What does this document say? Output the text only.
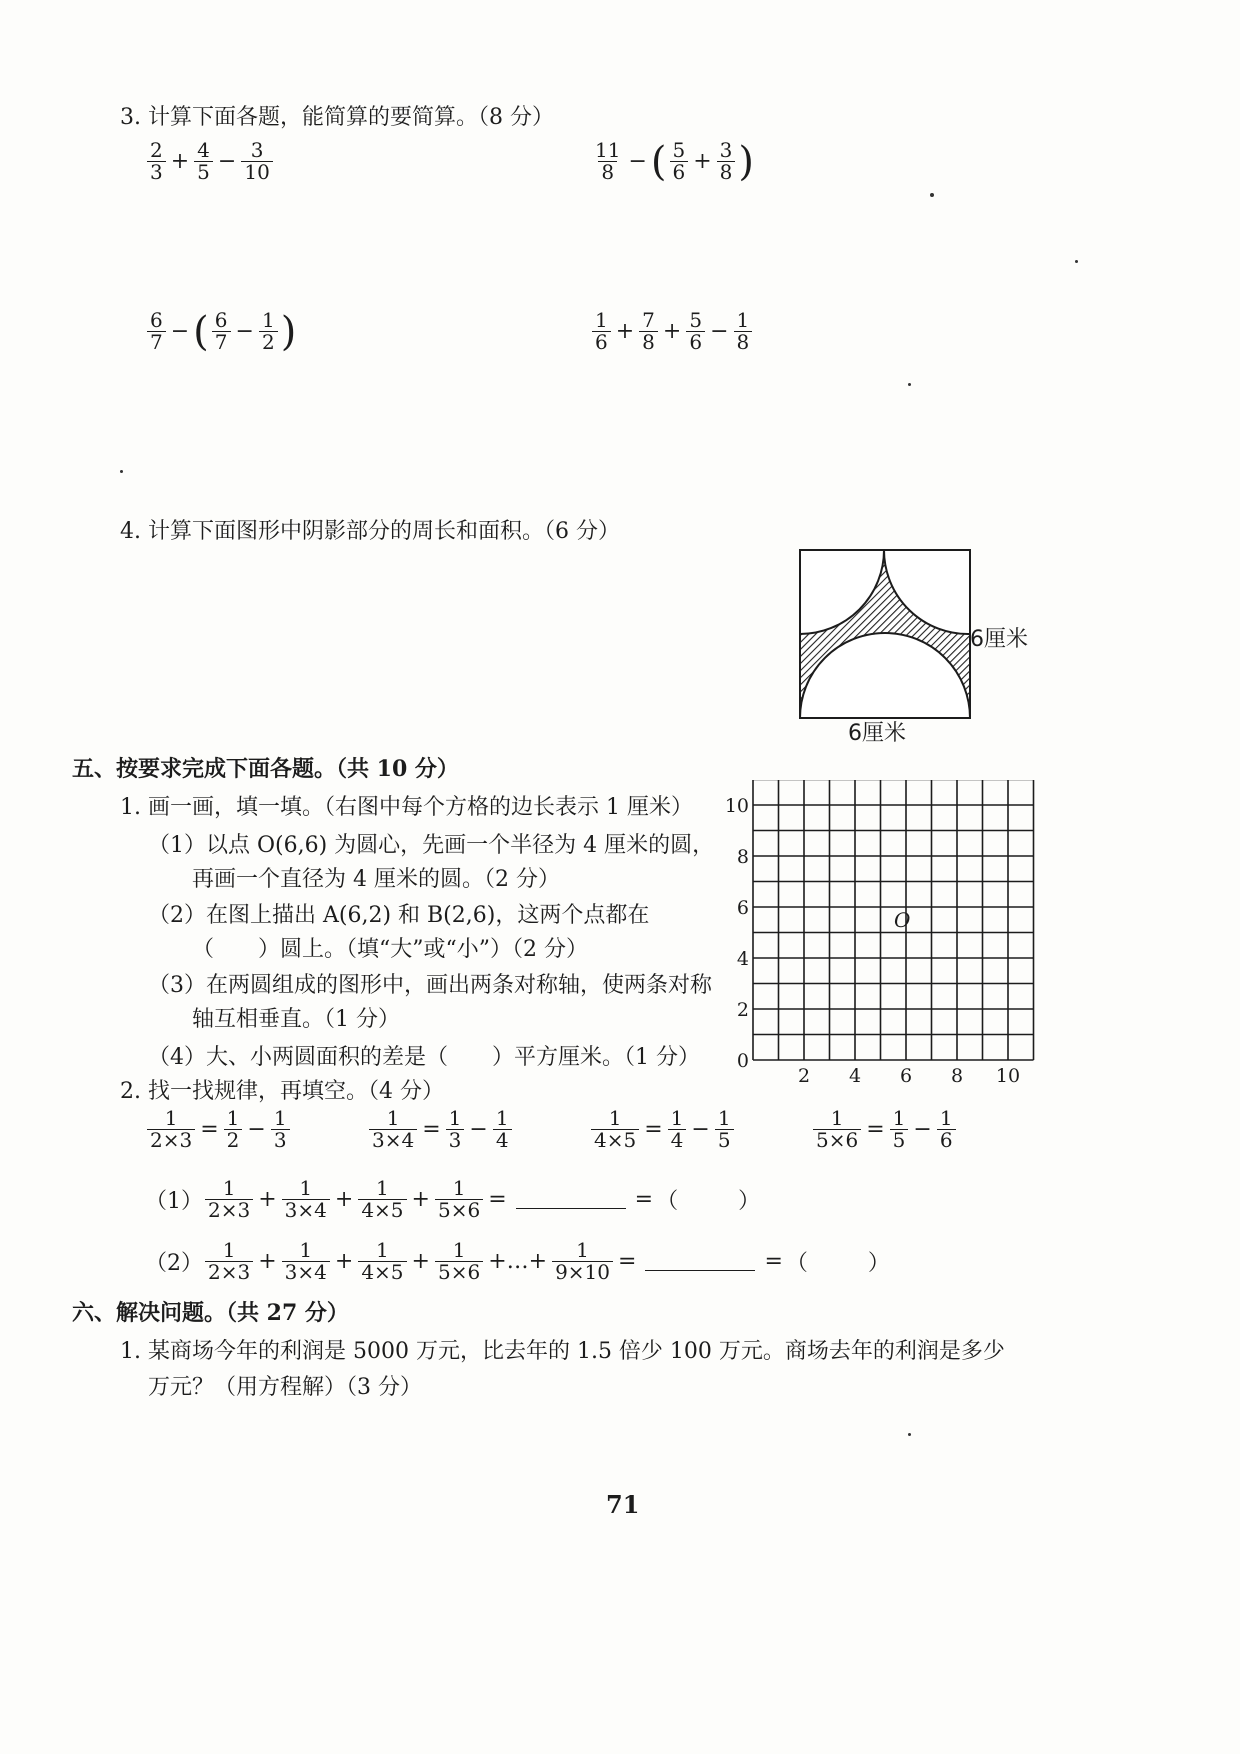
3. 计算下面各题，能简算的要简算。（8 分）
$\frac{2}{3} + \frac{4}{5} - \frac{3}{10}$	$\frac{11}{8}$ − ( $\frac{5}{6} + \frac{3}{8}$ )
$\frac{6}{7}$ − ( $\frac{6}{7} - \frac{1}{2}$ )	$\frac{1}{6} + \frac{7}{8} + \frac{5}{6} - \frac{1}{8}$
4. 计算下面图形中阴影部分的周长和面积。（6 分）
6厘米
6厘米
五、按要求完成下面各题。（共 10 分）
1. 画一画，填一填。（右图中每个方格的边长表示 1 厘米）
（1）以点 O(6,6) 为圆心，先画一个半径为 4 厘米的圆，
再画一个直径为 4 厘米的圆。（2 分）
（2）在图上描出 A(6,2) 和 B(2,6)，这两个点都在
（　　）圆上。（填“大”或“小”）（2 分）
（3）在两圆组成的图形中，画出两条对称轴，使两条对称
轴互相垂直。（1 分）
（4）大、小两圆面积的差是（　　）平方厘米。（1 分）
10
8
6
4
2
0
2 4 6 8 10
O
2. 找一找规律，再填空。（4 分）
$\frac{1}{2\times 3} = \frac{1}{2} - \frac{1}{3}$	$\frac{1}{3\times 4} = \frac{1}{3} - \frac{1}{4}$	$\frac{1}{4\times 5} = \frac{1}{4} - \frac{1}{5}$	$\frac{1}{5\times 6} = \frac{1}{5} - \frac{1}{6}$
$(1) \frac{1}{2\times 3} + \frac{1}{3\times 4} + \frac{1}{4\times 5} + \frac{1}{5\times 6}$ =	= （	）
$(2) \frac{1}{2\times 3} + \frac{1}{3\times 4} + \frac{1}{4\times 5} + \frac{1}{5\times 6}$ +…+ $\frac{1}{9\times 10}$ =	= （	）
六、解决问题。（共 27 分）
1. 某商场今年的利润是 5000 万元，比去年的 1.5 倍少 100 万元。商场去年的利润是多少
万元？（用方程解）（3 分）
71
